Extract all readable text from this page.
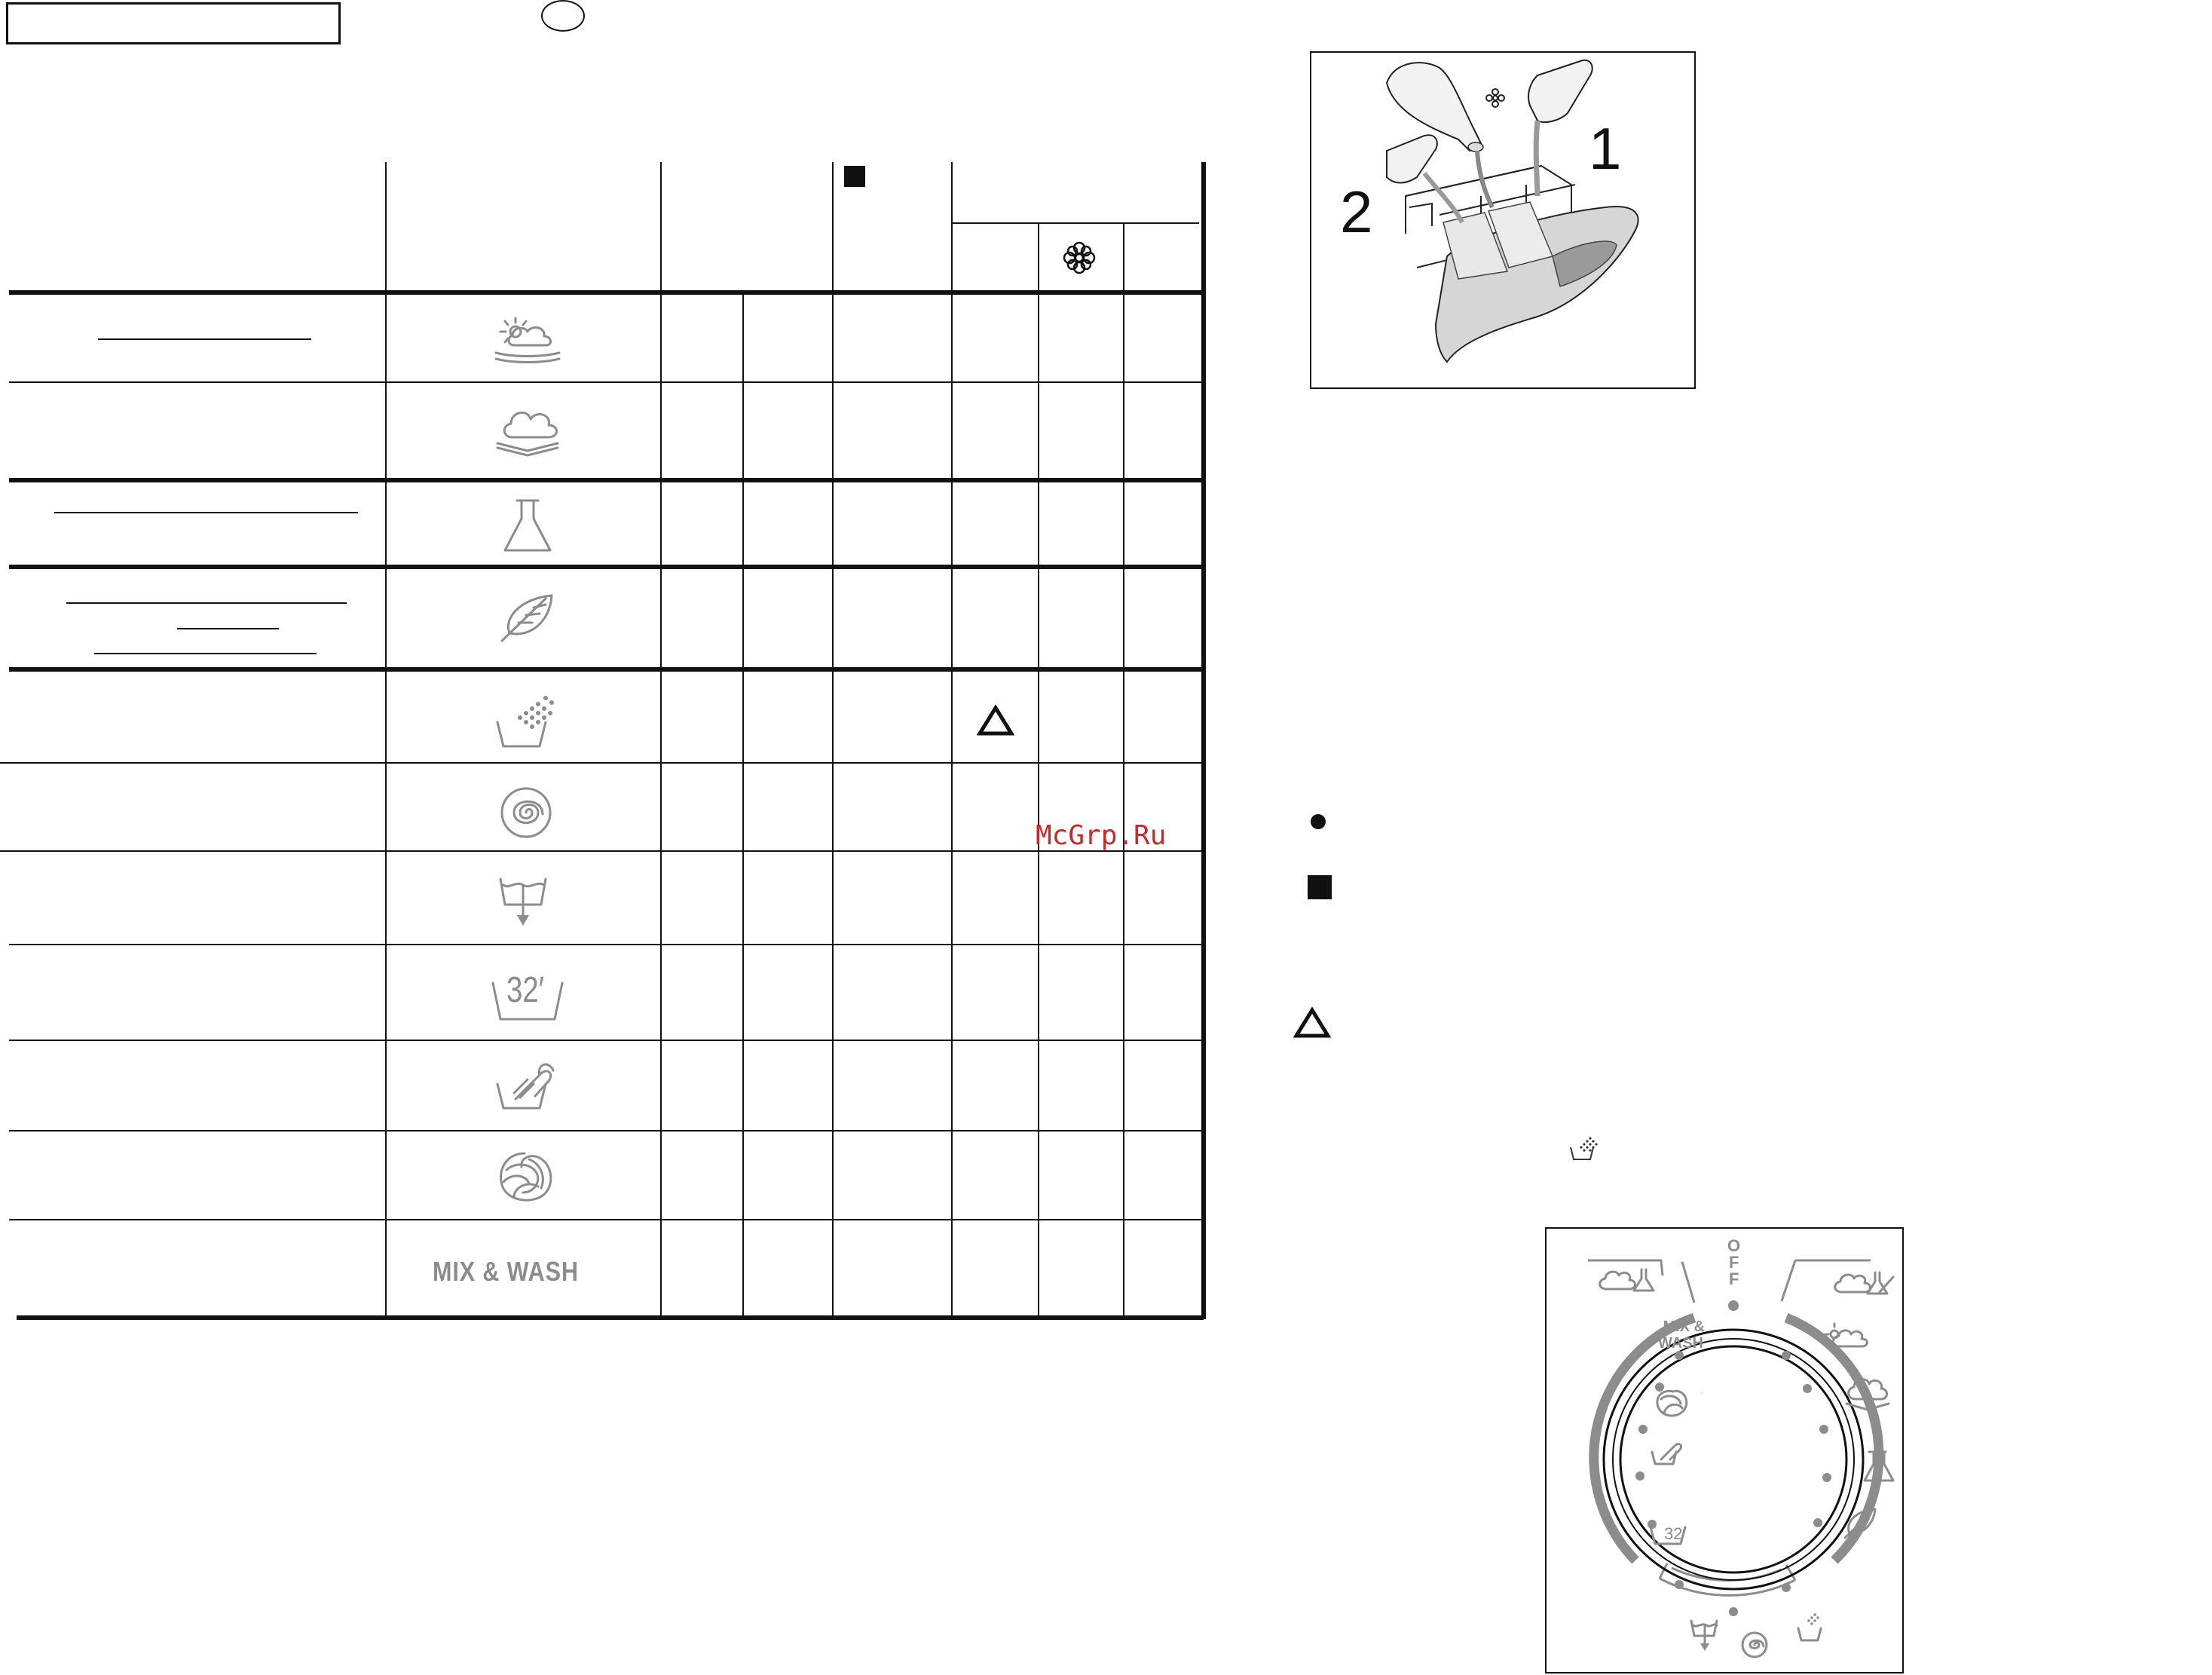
32′
MIX & WASH
1
2
McGrp.Ru
O
F
F
MIX &
WASH
32′
